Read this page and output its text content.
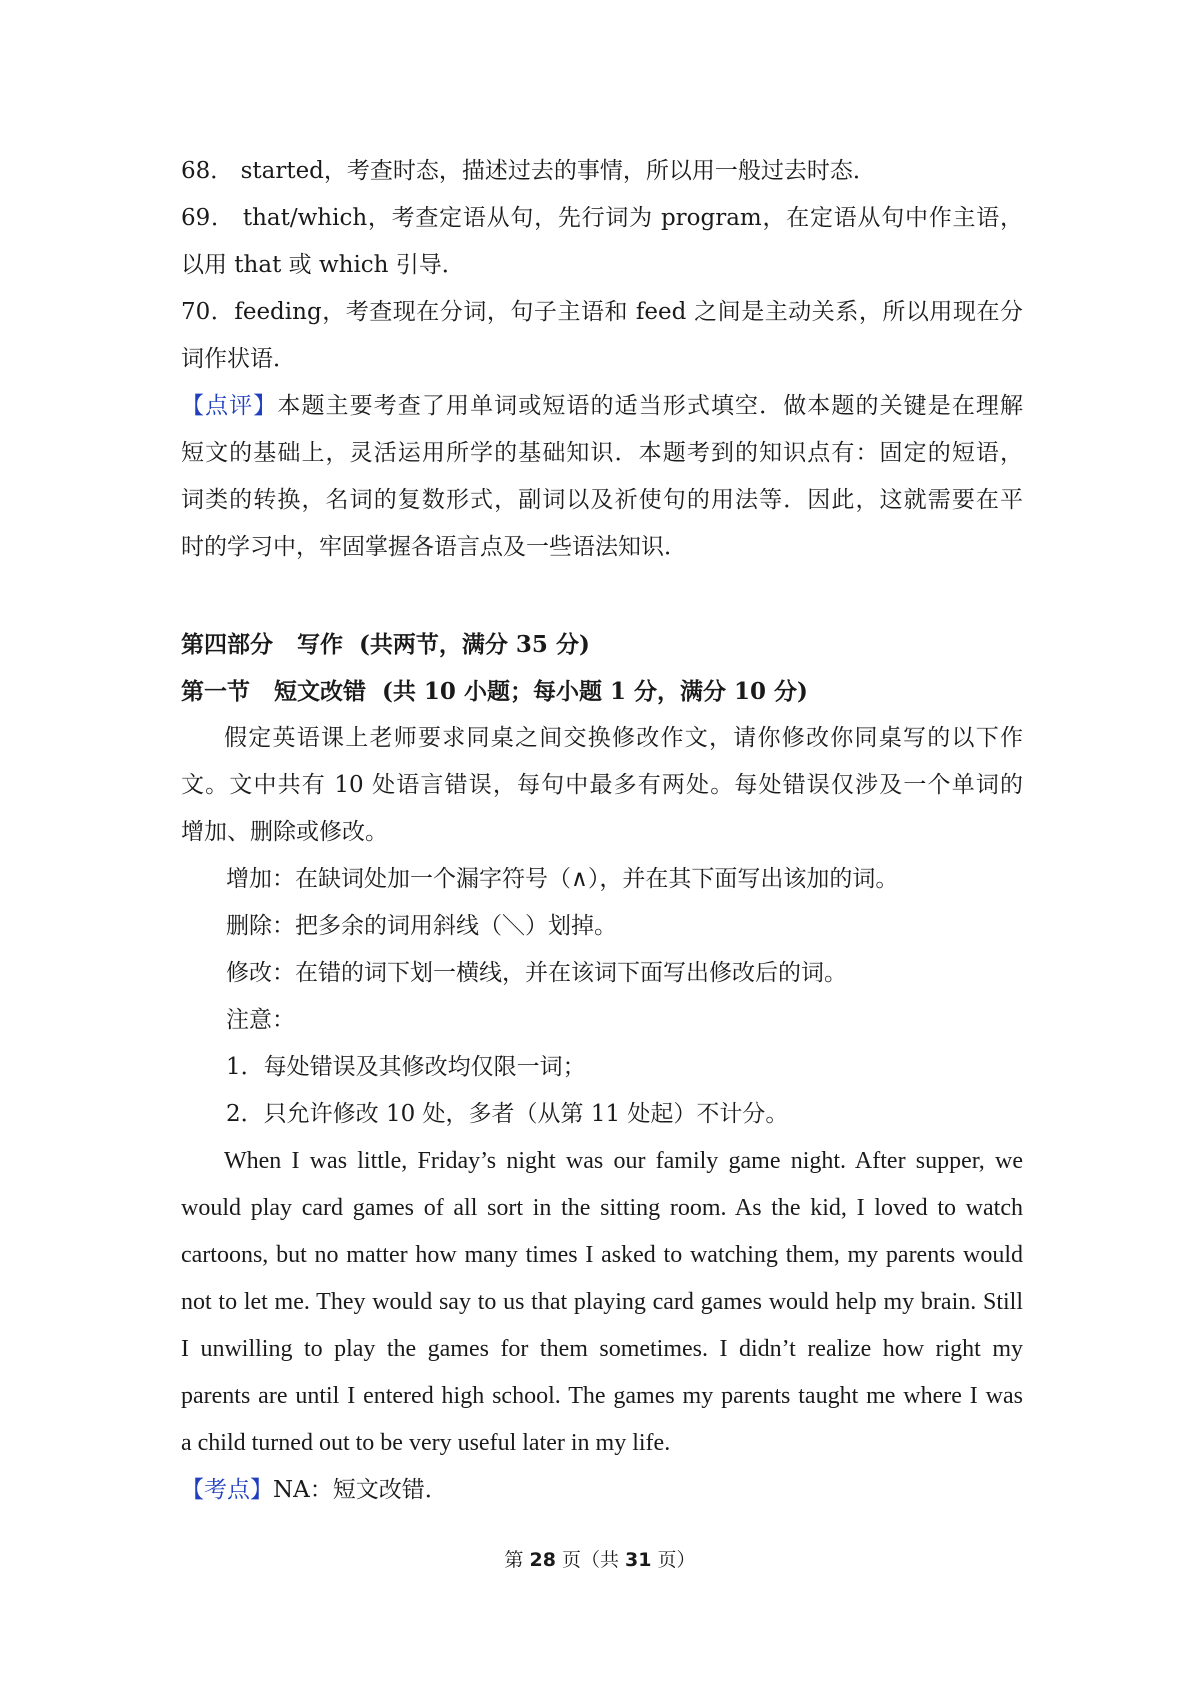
68． started，考查时态，描述过去的事情，所以用一般过去时态．
69． that/which，考查定语从句，先行词为 program，在定语从句中作主语，
以用 that 或 which 引导．
70．feeding，考查现在分词，句子主语和 feed 之间是主动关系，所以用现在分
词作状语．
【点评】本题主要考查了用单词或短语的适当形式填空．做本题的关键是在理解
短文的基础上，灵活运用所学的基础知识．本题考到的知识点有：固定的短语，
词类的转换，名词的复数形式，副词以及祈使句的用法等．因此，这就需要在平
时的学习中，牢固掌握各语言点及一些语法知识．
第四部分   写作  (共两节，满分 35 分)
第一节   短文改错  (共 10 小题；每小题 1 分，满分 10 分)
假定英语课上老师要求同桌之间交换修改作文，请你修改你同桌写的以下作
文。文中共有 10 处语言错误，每句中最多有两处。每处错误仅涉及一个单词的
增加、删除或修改。
增加：在缺词处加一个漏字符号（∧），并在其下面写出该加的词。
删除：把多余的词用斜线（＼）划掉。
修改：在错的词下划一横线，并在该词下面写出修改后的词。
注意：
1．每处错误及其修改均仅限一词；
2．只允许修改 10 处，多者（从第 11 处起）不计分。
When I was little, Friday’s night was our family game night. After supper, we
would play card games of all sort in the sitting room. As the kid, I loved to watch
cartoons, but no matter how many times I asked to watching them, my parents would
not to let me. They would say to us that playing card games would help my brain. Still
I unwilling to play the games for them sometimes. I didn’t realize how right my
parents are until I entered high school. The games my parents taught me where I was
a child turned out to be very useful later in my life.
【考点】NA：短文改错．
第 28 页（共 31 页）
